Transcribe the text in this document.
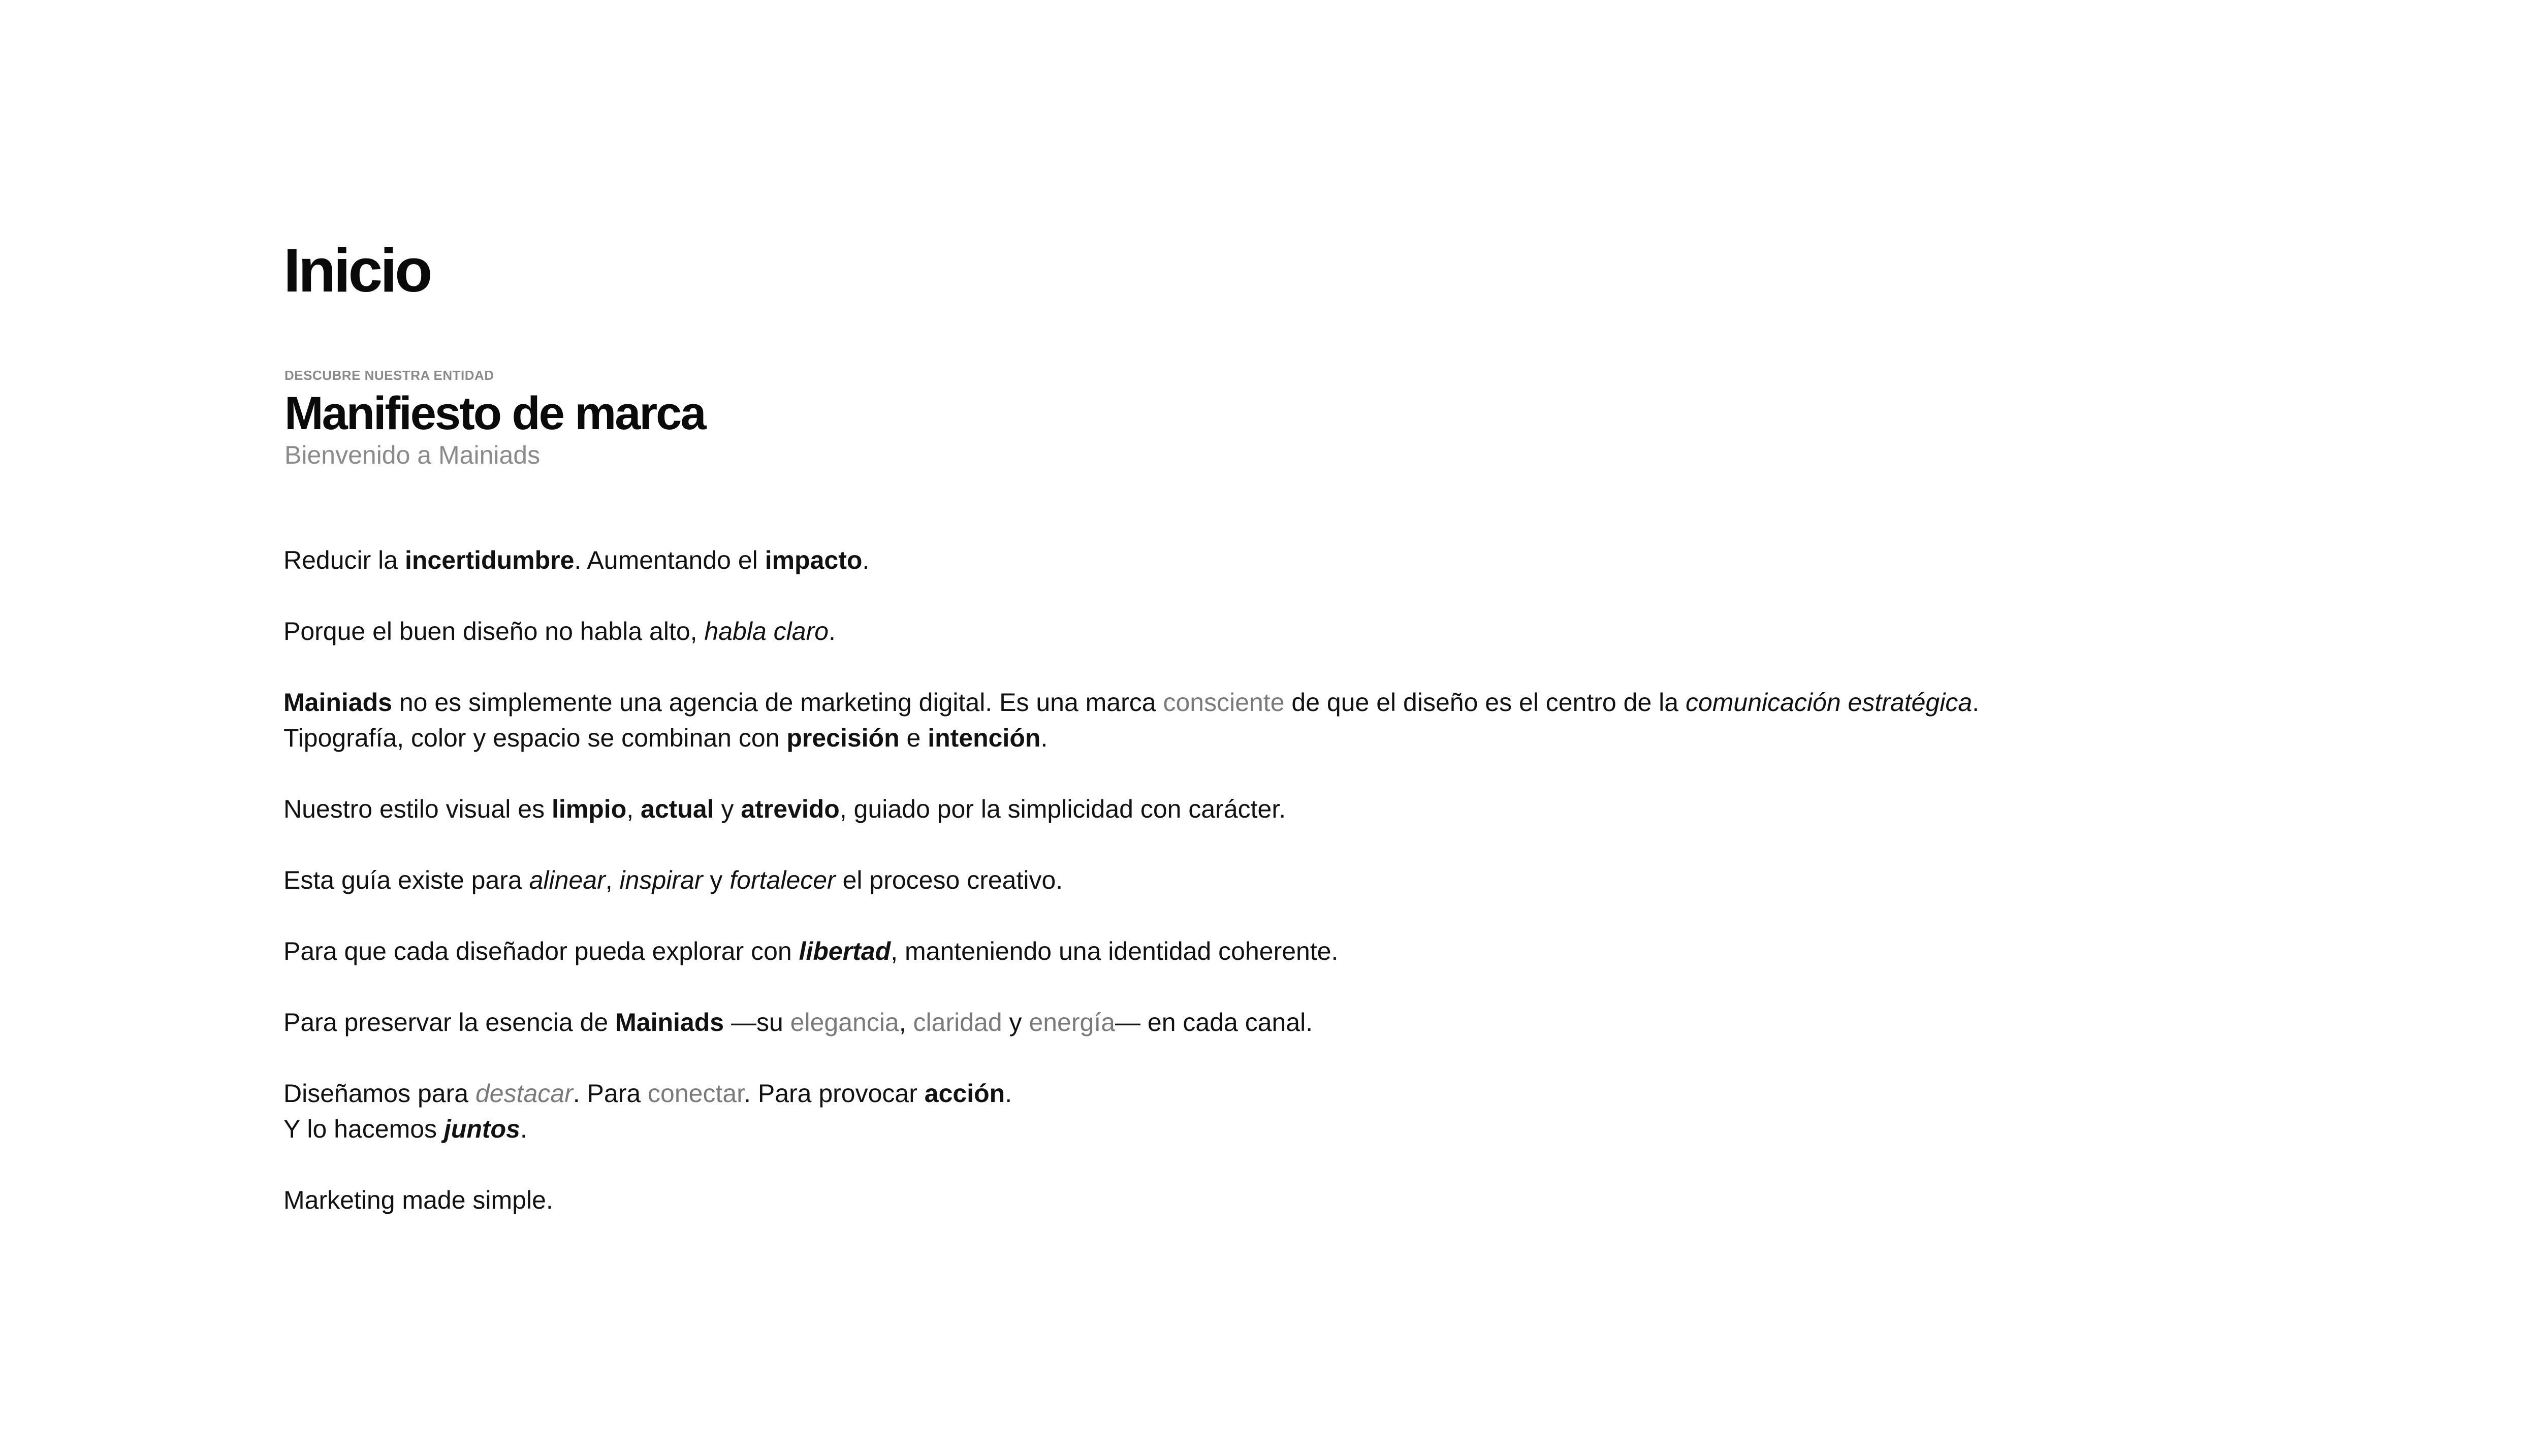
Inicio
DESCUBRE NUESTRA ENTIDAD
Manifiesto de marca
Bienvenido a Mainiads

Reducir la incertidumbre. Aumentando el impacto.

Porque el buen diseño no habla alto, habla claro.

Mainiads no es simplemente una agencia de marketing digital. Es una marca consciente de que el diseño es el centro de la comunicación estratégica.
Tipografía, color y espacio se combinan con precisión e intención.

Nuestro estilo visual es limpio, actual y atrevido, guiado por la simplicidad con carácter.

Esta guía existe para alinear, inspirar y fortalecer el proceso creativo.

Para que cada diseñador pueda explorar con libertad, manteniendo una identidad coherente.

Para preservar la esencia de Mainiads —su elegancia, claridad y energía— en cada canal.

Diseñamos para destacar. Para conectar. Para provocar acción.
Y lo hacemos juntos.

Marketing made simple.
